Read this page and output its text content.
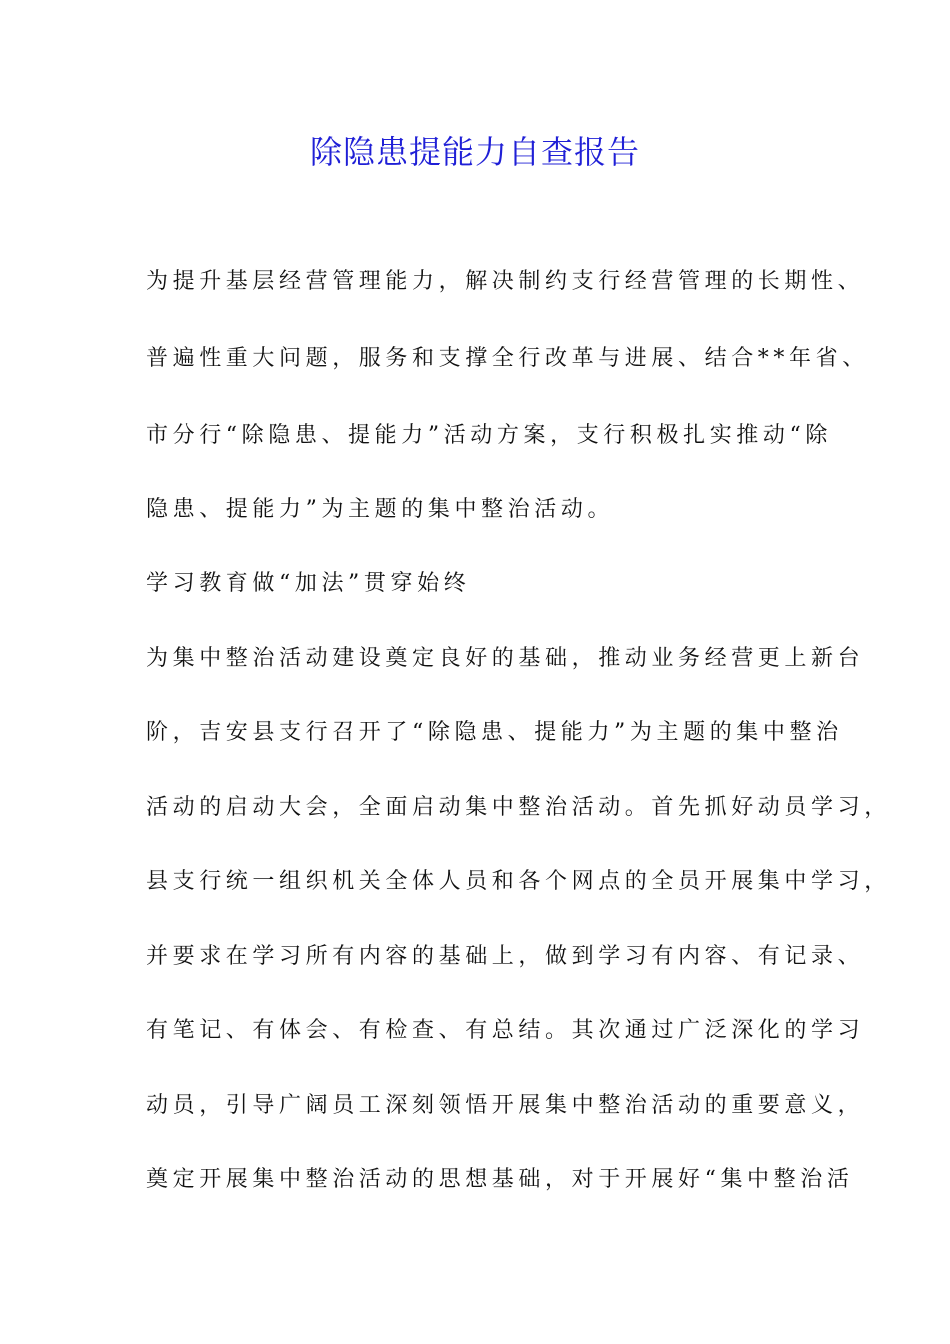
除隐患提能力自查报告

为提升基层经营管理能力，解决制约支行经营管理的长期性、

普遍性重大问题，服务和支撑全行改革与进展、结合**年省、

市分行“除隐患、提能力”活动方案，支行积极扎实推动“除

隐患、提能力”为主题的集中整治活动。

学习教育做“加法”贯穿始终

为集中整治活动建设奠定良好的基础，推动业务经营更上新台

阶，吉安县支行召开了“除隐患、提能力”为主题的集中整治

活动的启动大会，全面启动集中整治活动。首先抓好动员学习，

县支行统一组织机关全体人员和各个网点的全员开展集中学习，

并要求在学习所有内容的基础上，做到学习有内容、有记录、

有笔记、有体会、有检查、有总结。其次通过广泛深化的学习

动员，引导广阔员工深刻领悟开展集中整治活动的重要意义，

奠定开展集中整治活动的思想基础，对于开展好“集中整治活
